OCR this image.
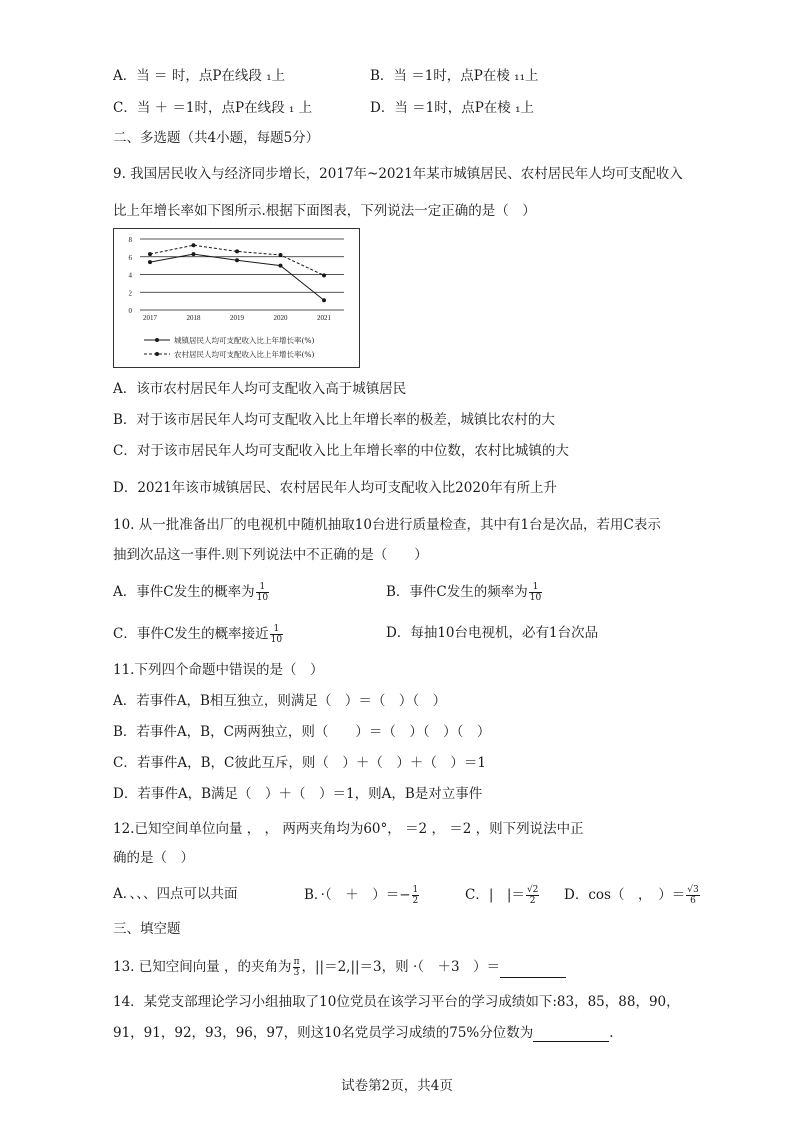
A．当 ＝ 时，点P在线段 ₁上	B．当 ＝1时，点P在棱 ₁₁上
C．当 ＋ ＝1时，点P在线段 ₁ 上	D．当 ＝1时，点P在棱 ₁上
二、多选题（共4小题，每题5分）
9. 我国居民收入与经济同步增长，2017年~2021年某市城镇居民、农村居民年人均可支配收入
比上年增长率如下图所示.根据下面图表，下列说法一定正确的是（　）
0
2
4
6
8
2017	2018	2019	2020	2021
城镇居民人均可支配收入比上年增长率(%)
农村居民人均可支配收入比上年增长率(%)
A．该市农村居民年人均可支配收入高于城镇居民
B．对于该市居民年人均可支配收入比上年增长率的极差，城镇比农村的大
C．对于该市居民年人均可支配收入比上年增长率的中位数，农村比城镇的大
D．2021年该市城镇居民、农村居民年人均可支配收入比2020年有所上升
10. 从一批准备出厂的电视机中随机抽取10台进行质量检查，其中有1台是次品，若用C表示
抽到次品这一事件.则下列说法中不正确的是（　　）
A．事件C发生的概率为 $\frac{1}{10}$	B．事件C发生的频率为 $\frac{1}{10}$
C．事件C发生的概率接近 $\frac{1}{10}$	D．每抽10台电视机，必有1台次品
11.下列四个命题中错误的是（　）
A．若事件A，B相互独立，则满足（　）＝（　）（　）
B．若事件A，B，C两两独立，则（　　）＝（　）（　）（　）
C．若事件A，B，C彼此互斥，则（　）＋（　）＋（　）＝1
D．若事件A，B满足（　）＋（　）＝1，则A，B是对立事件
12.已知空间单位向量 ， ， 两两夹角均为60°， ＝2 ， ＝2 ，则下列说法中正
确的是（　）
A．、、、四点可以共面	B．·（　＋　）＝− $\frac{1}{2}$	C．|　|＝ $\frac{√2}{2}$ D．cos（　，　）＝ $\frac{√3}{6}$
三、填空题
13. 已知空间向量 ，的夹角为 $\frac{\pi}{3}$ ，||＝2,||＝3，则 ·（　＋3　）＝
14．某党支部理论学习小组抽取了10位党员在该学习平台的学习成绩如下:83，85，88，90，
91，91，92，93，96，97，则这10名党员学习成绩的75%分位数为	.
试卷第2页，共4页
